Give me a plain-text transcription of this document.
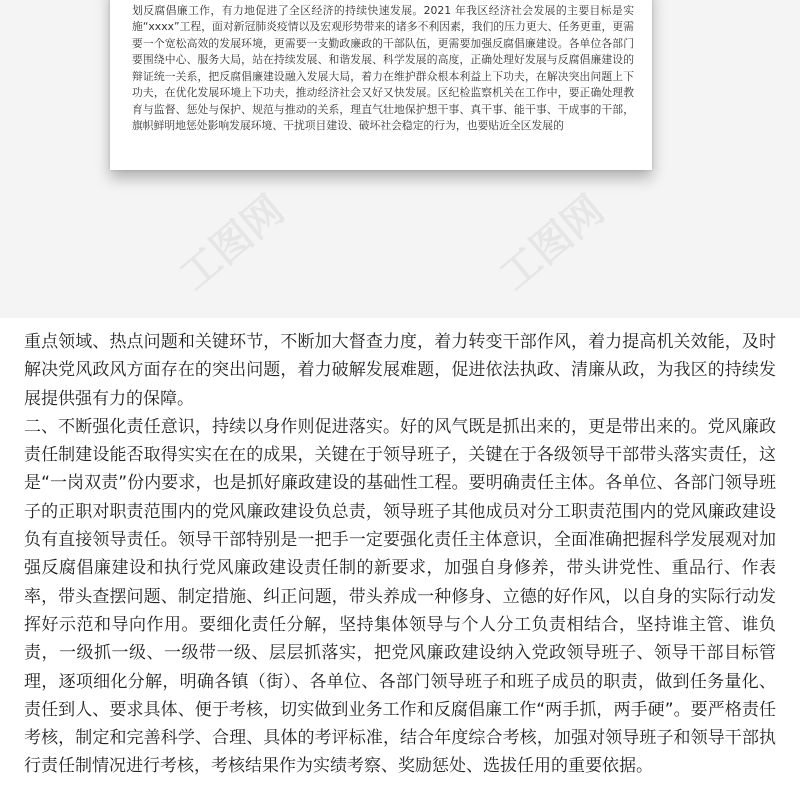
划反腐倡廉工作，有力地促进了全区经济的持续快速发展。2021 年我区经济社会发展的主要目标是实施“xxxx”工程，面对新冠肺炎疫情以及宏观形势带来的诸多不利因素，我们的压力更大、任务更重，更需要一个宽松高效的发展环境，更需要一支勤政廉政的干部队伍，更需要加强反腐倡廉建设。各单位各部门要围绕中心、服务大局，站在持续发展、和谐发展、科学发展的高度，正确处理好发展与反腐倡廉建设的辩证统一关系，把反腐倡廉建设融入发展大局，着力在维护群众根本利益上下功夫，在解决突出问题上下功夫，在优化发展环境上下功夫，推动经济社会又好又快发展。区纪检监察机关在工作中，要正确处理教育与监督、惩处与保护、规范与推动的关系，理直气壮地保护想干事、真干事、能干事、干成事的干部，旗帜鲜明地惩处影响发展环境、干扰项目建设、破坏社会稳定的行为，也要贴近全区发展的

工图网	工图网

重点领域、热点问题和关键环节，不断加大督查力度，着力转变干部作风，着力提高机关效能，及时解决党风政风方面存在的突出问题，着力破解发展难题，促进依法执政、清廉从政，为我区的持续发展提供强有力的保障。

二、不断强化责任意识，持续以身作则促进落实。好的风气既是抓出来的，更是带出来的。党风廉政责任制建设能否取得实实在在的成果，关键在于领导班子，关键在于各级领导干部带头落实责任，这是“一岗双责”份内要求，也是抓好廉政建设的基础性工程。要明确责任主体。各单位、各部门领导班子的正职对职责范围内的党风廉政建设负总责，领导班子其他成员对分工职责范围内的党风廉政建设负有直接领导责任。领导干部特别是一把手一定要强化责任主体意识，全面准确把握科学发展观对加强反腐倡廉建设和执行党风廉政建设责任制的新要求，加强自身修养，带头讲党性、重品行、作表率，带头查摆问题、制定措施、纠正问题，带头养成一种修身、立德的好作风，以自身的实际行动发挥好示范和导向作用。要细化责任分解，坚持集体领导与个人分工负责相结合，坚持谁主管、谁负责，一级抓一级、一级带一级、层层抓落实，把党风廉政建设纳入党政领导班子、领导干部目标管理，逐项细化分解，明确各镇（街）、各单位、各部门领导班子和班子成员的职责，做到任务量化、责任到人、要求具体、便于考核，切实做到业务工作和反腐倡廉工作“两手抓，两手硬”。要严格责任考核，制定和完善科学、合理、具体的考评标准，结合年度综合考核，加强对领导班子和领导干部执行责任制情况进行考核，考核结果作为实绩考察、奖励惩处、选拔任用的重要依据。
